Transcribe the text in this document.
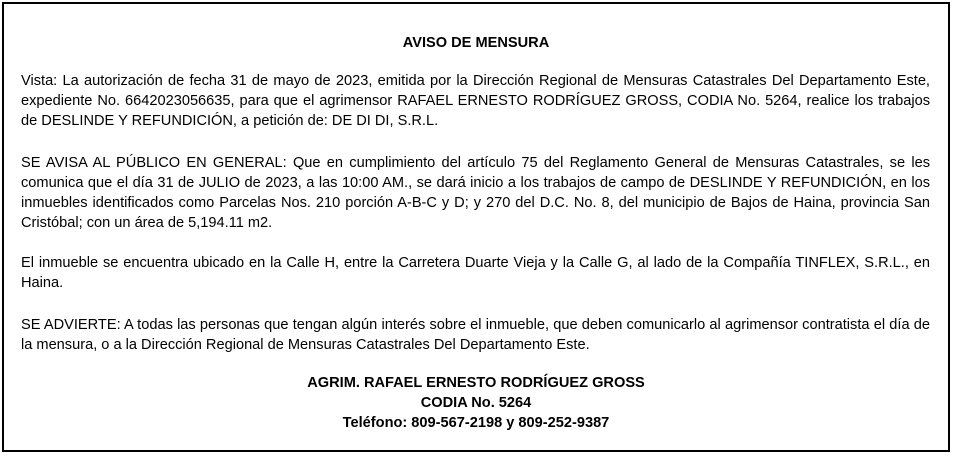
AVISO DE MENSURA

Vista: La autorización de fecha 31 de mayo de 2023, emitida por la Dirección Regional de Mensuras Catastrales Del Departamento Este, expediente No. 6642023056635, para que el agrimensor RAFAEL ERNESTO RODRÍGUEZ GROSS, CODIA No. 5264, realice los trabajos de DESLINDE Y REFUNDICIÓN, a petición de: DE DI DI, S.R.L.

SE AVISA AL PÚBLICO EN GENERAL: Que en cumplimiento del artículo 75 del Reglamento General de Mensuras Catastrales, se les comunica que el día 31 de JULIO de 2023, a las 10:00 AM., se dará inicio a los trabajos de campo de DESLINDE Y REFUNDICIÓN, en los inmuebles identificados como Parcelas Nos. 210 porción A-B-C y D; y 270 del D.C. No. 8, del municipio de Bajos de Haina, provincia San Cristóbal; con un área de 5,194.11 m2.

El inmueble se encuentra ubicado en la Calle H, entre la Carretera Duarte Vieja y la Calle G, al lado de la Compañía TINFLEX, S.R.L., en Haina.

SE ADVIERTE: A todas las personas que tengan algún interés sobre el inmueble, que deben comunicarlo al agrimensor contratista el día de la mensura, o a la Dirección Regional de Mensuras Catastrales Del Departamento Este.

AGRIM. RAFAEL ERNESTO RODRÍGUEZ GROSS
CODIA No. 5264
Teléfono: 809-567-2198 y 809-252-9387
